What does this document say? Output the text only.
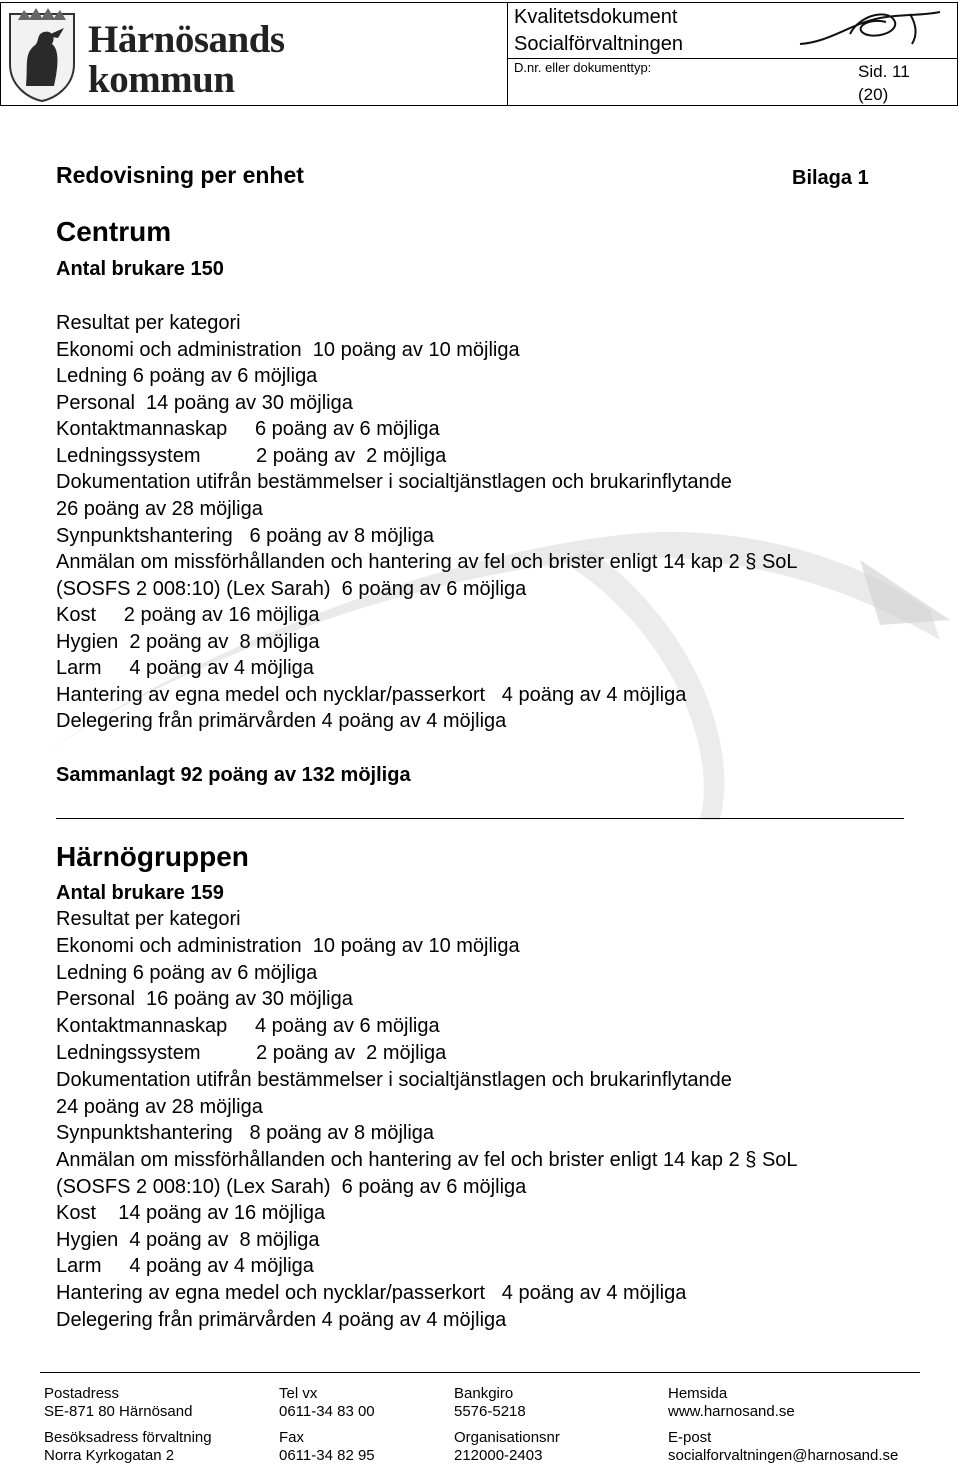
Härnösands
kommun
Kvalitetsdokument
Socialförvaltningen
D.nr. eller dokumenttyp:	Sid. 11
(20)
Redovisning per enhet	Bilaga 1
Centrum
Antal brukare 150
Resultat per kategori
Ekonomi och administration  10 poäng av 10 möjliga
Ledning 6 poäng av 6 möjliga
Personal  14 poäng av 30 möjliga
Kontaktmannaskap     6 poäng av 6 möjliga
Ledningssystem          2 poäng av  2 möjliga
Dokumentation utifrån bestämmelser i socialtjänstlagen och brukarinflytande
26 poäng av 28 möjliga
Synpunktshantering   6 poäng av 8 möjliga
Anmälan om missförhållanden och hantering av fel och brister enligt 14 kap 2 § SoL
(SOSFS 2 008:10) (Lex Sarah)  6 poäng av 6 möjliga
Kost     2 poäng av 16 möjliga
Hygien  2 poäng av  8 möjliga
Larm     4 poäng av 4 möjliga
Hantering av egna medel och nycklar/passerkort   4 poäng av 4 möjliga
Delegering från primärvården 4 poäng av 4 möjliga
Sammanlagt 92 poäng av 132 möjliga
Härnögruppen
Antal brukare 159
Resultat per kategori
Ekonomi och administration  10 poäng av 10 möjliga
Ledning 6 poäng av 6 möjliga
Personal  16 poäng av 30 möjliga
Kontaktmannaskap     4 poäng av 6 möjliga
Ledningssystem          2 poäng av  2 möjliga
Dokumentation utifrån bestämmelser i socialtjänstlagen och brukarinflytande
24 poäng av 28 möjliga
Synpunktshantering   8 poäng av 8 möjliga
Anmälan om missförhållanden och hantering av fel och brister enligt 14 kap 2 § SoL
(SOSFS 2 008:10) (Lex Sarah)  6 poäng av 6 möjliga
Kost    14 poäng av 16 möjliga
Hygien  4 poäng av  8 möjliga
Larm     4 poäng av 4 möjliga
Hantering av egna medel och nycklar/passerkort   4 poäng av 4 möjliga
Delegering från primärvården 4 poäng av 4 möjliga
Postadress
SE-871 80 Härnösand
Tel vx
0611-34 83 00
Bankgiro
5576-5218
Hemsida
www.harnosand.se
Besöksadress förvaltning
Norra Kyrkogatan 2
Fax
0611-34 82 95
Organisationsnr
212000-2403
E-post
socialforvaltningen@harnosand.se
